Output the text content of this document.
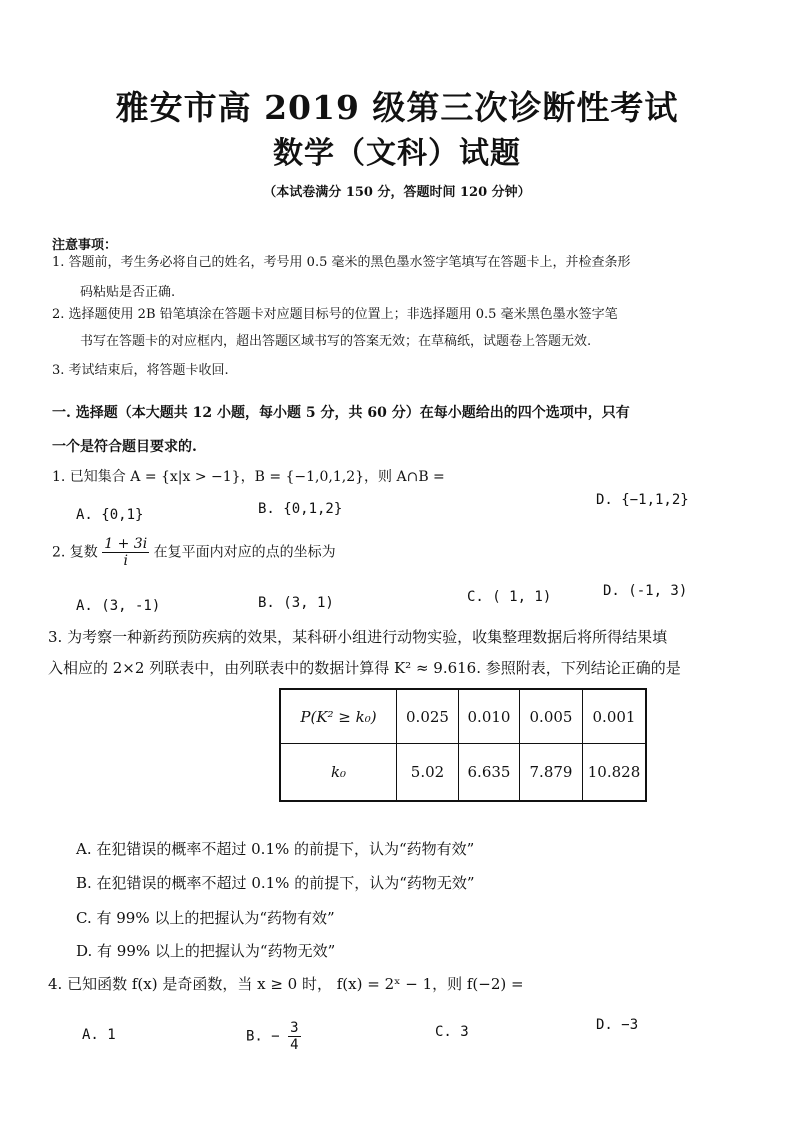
雅安市高 2019 级第三次诊断性考试
数学（文科）试题
（本试卷满分 150 分，答题时间 120 分钟）
注意事项：
1. 答题前，考生务必将自己的姓名，考号用 0.5 毫米的黑色墨水签字笔填写在答题卡上，并检查条形
码粘贴是否正确.
2. 选择题使用 2B 铅笔填涂在答题卡对应题目标号的位置上；非选择题用 0.5 毫米黑色墨水签字笔
书写在答题卡的对应框内，超出答题区域书写的答案无效；在草稿纸，试题卷上答题无效.
3. 考试结束后，将答题卡收回.
一. 选择题（本大题共 12 小题，每小题 5 分，共 60 分）在每小题给出的四个选项中，只有
一个是符合题目要求的.
1. 已知集合 A = {x|x > −1}，B = {−1,0,1,2}，则 A∩B =
A. {0,1}	B. {0,1,2}
D. {−1,1,2}
2. 复数 $\frac{1 + 3i}{i}$ 在复平面内对应的点的坐标为
A. (3, -1)	B. (3, 1)	C. ( 1, 1)	D. (-1, 3)
3. 为考察一种新药预防疾病的效果，某科研小组进行动物实验，收集整理数据后将所得结果填
入相应的 2×2 列联表中，由列联表中的数据计算得 K² ≈ 9.616. 参照附表，下列结论正确的是
P(K² ≥ k₀)	0.025	0.010	0.005	0.001
k₀	5.02	6.635	7.879	10.828
A. 在犯错误的概率不超过 0.1% 的前提下，认为“药物有效”
B. 在犯错误的概率不超过 0.1% 的前提下，认为“药物无效”
C. 有 99% 以上的把握认为“药物有效”
D. 有 99% 以上的把握认为“药物无效”
4. 已知函数 f(x) 是奇函数，当 x ≥ 0 时， f(x) = 2ˣ − 1，则 f(−2) =
A. 1	B. − $\frac{3}{4}$	C. 3	D. −3
